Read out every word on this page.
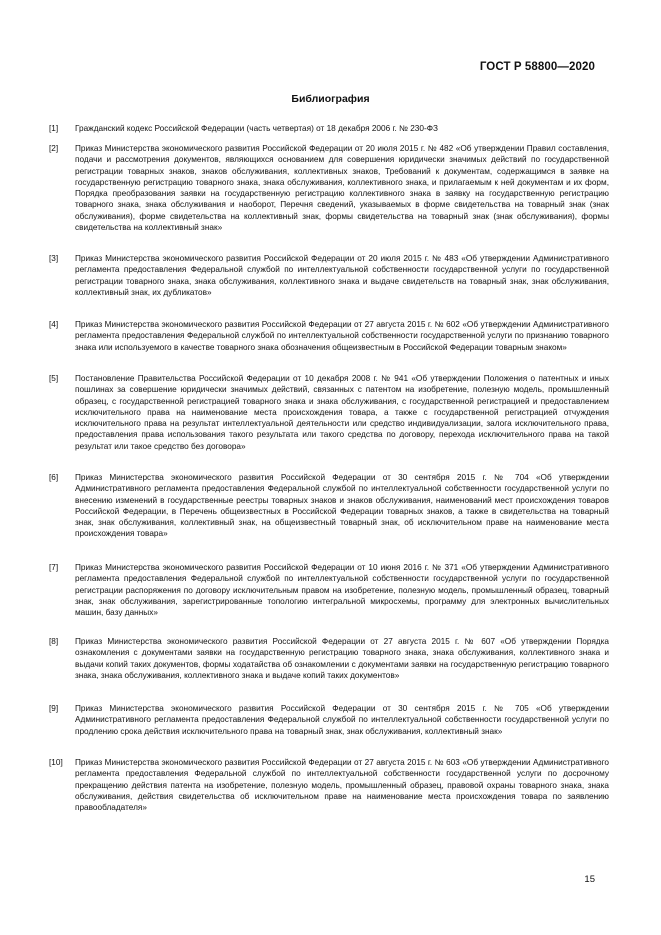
ГОСТ Р 58800—2020
Библиография
[1] Гражданский кодекс Российской Федерации (часть четвертая) от 18 декабря 2006 г. № 230-ФЗ
[2] Приказ Министерства экономического развития Российской Федерации от 20 июля 2015 г. № 482 «Об утверждении Правил составления, подачи и рассмотрения документов, являющихся основанием для совершения юридически значимых действий по государственной регистрации товарных знаков, знаков обслуживания, коллективных знаков, Требований к документам, содержащимся в заявке на государственную регистрацию товарного знака, знака обслуживания, коллективного знака, и прилагаемым к ней документам и их форм, Порядка преобразования заявки на государственную регистрацию коллективного знака в заявку на государственную регистрацию товарного знака, знака обслуживания и наоборот, Перечня сведений, указываемых в форме свидетельства на товарный знак (знак обслуживания), форме свидетельства на коллективный знак, формы свидетельства на товарный знак (знак обслуживания), формы свидетельства на коллективный знак»
[3] Приказ Министерства экономического развития Российской Федерации от 20 июля 2015 г. № 483 «Об утверждении Административного регламента предоставления Федеральной службой по интеллектуальной собственности государственной услуги по государственной регистрации товарного знака, знака обслуживания, коллективного знака и выдаче свидетельств на товарный знак, знак обслуживания, коллективный знак, их дубликатов»
[4] Приказ Министерства экономического развития Российской Федерации от 27 августа 2015 г. № 602 «Об утверждении Административного регламента предоставления Федеральной службой по интеллектуальной собственности государственной услуги по признанию товарного знака или используемого в качестве товарного знака обозначения общеизвестным в Российской Федерации товарным знаком»
[5] Постановление Правительства Российской Федерации от 10 декабря 2008 г. № 941 «Об утверждении Положения о патентных и иных пошлинах за совершение юридически значимых действий, связанных с патентом на изобретение, полезную модель, промышленный образец, с государственной регистрацией товарного знака и знака обслуживания, с государственной регистрацией и предоставлением исключительного права на наименование места происхождения товара, а также с государственной регистрацией отчуждения исключительного права на результат интеллектуальной деятельности или средство индивидуализации, залога исключительного права, предоставления права использования такого результата или такого средства по договору, перехода исключительного права на такой результат или такое средство без договора»
[6] Приказ Министерства экономического развития Российской Федерации от 30 сентября 2015 г. № 704 «Об утверждении Административного регламента предоставления Федеральной службой по интеллектуальной собственности государственной услуги по внесению изменений в государственные реестры товарных знаков и знаков обслуживания, наименований мест происхождения товаров Российской Федерации, в Перечень общеизвестных в Российской Федерации товарных знаков, а также в свидетельства на товарный знак, знак обслуживания, коллективный знак, на общеизвестный товарный знак, об исключительном праве на наименование места происхождения товара»
[7] Приказ Министерства экономического развития Российской Федерации от 10 июня 2016 г. № 371 «Об утверждении Административного регламента предоставления Федеральной службой по интеллектуальной собственности государственной услуги по государственной регистрации распоряжения по договору исключительным правом на изобретение, полезную модель, промышленный образец, товарный знак, знак обслуживания, зарегистрированные топологию интегральной микросхемы, программу для электронных вычислительных машин, базу данных»
[8] Приказ Министерства экономического развития Российской Федерации от 27 августа 2015 г. № 607 «Об утверждении Порядка ознакомления с документами заявки на государственную регистрацию товарного знака, знака обслуживания, коллективного знака и выдачи копий таких документов, формы ходатайства об ознакомлении с документами заявки на государственную регистрацию товарного знака, знака обслуживания, коллективного знака и выдаче копий таких документов»
[9] Приказ Министерства экономического развития Российской Федерации от 30 сентября 2015 г. № 705 «Об утверждении Административного регламента предоставления Федеральной службой по интеллектуальной собственности государственной услуги по продлению срока действия исключительного права на товарный знак, знак обслуживания, коллективный знак»
[10] Приказ Министерства экономического развития Российской Федерации от 27 августа 2015 г. № 603 «Об утверждении Административного регламента предоставления Федеральной службой по интеллектуальной собственности государственной услуги по досрочному прекращению действия патента на изобретение, полезную модель, промышленный образец, правовой охраны товарного знака, знака обслуживания, действия свидетельства об исключительном праве на наименование места происхождения товара по заявлению правообладателя»
15
